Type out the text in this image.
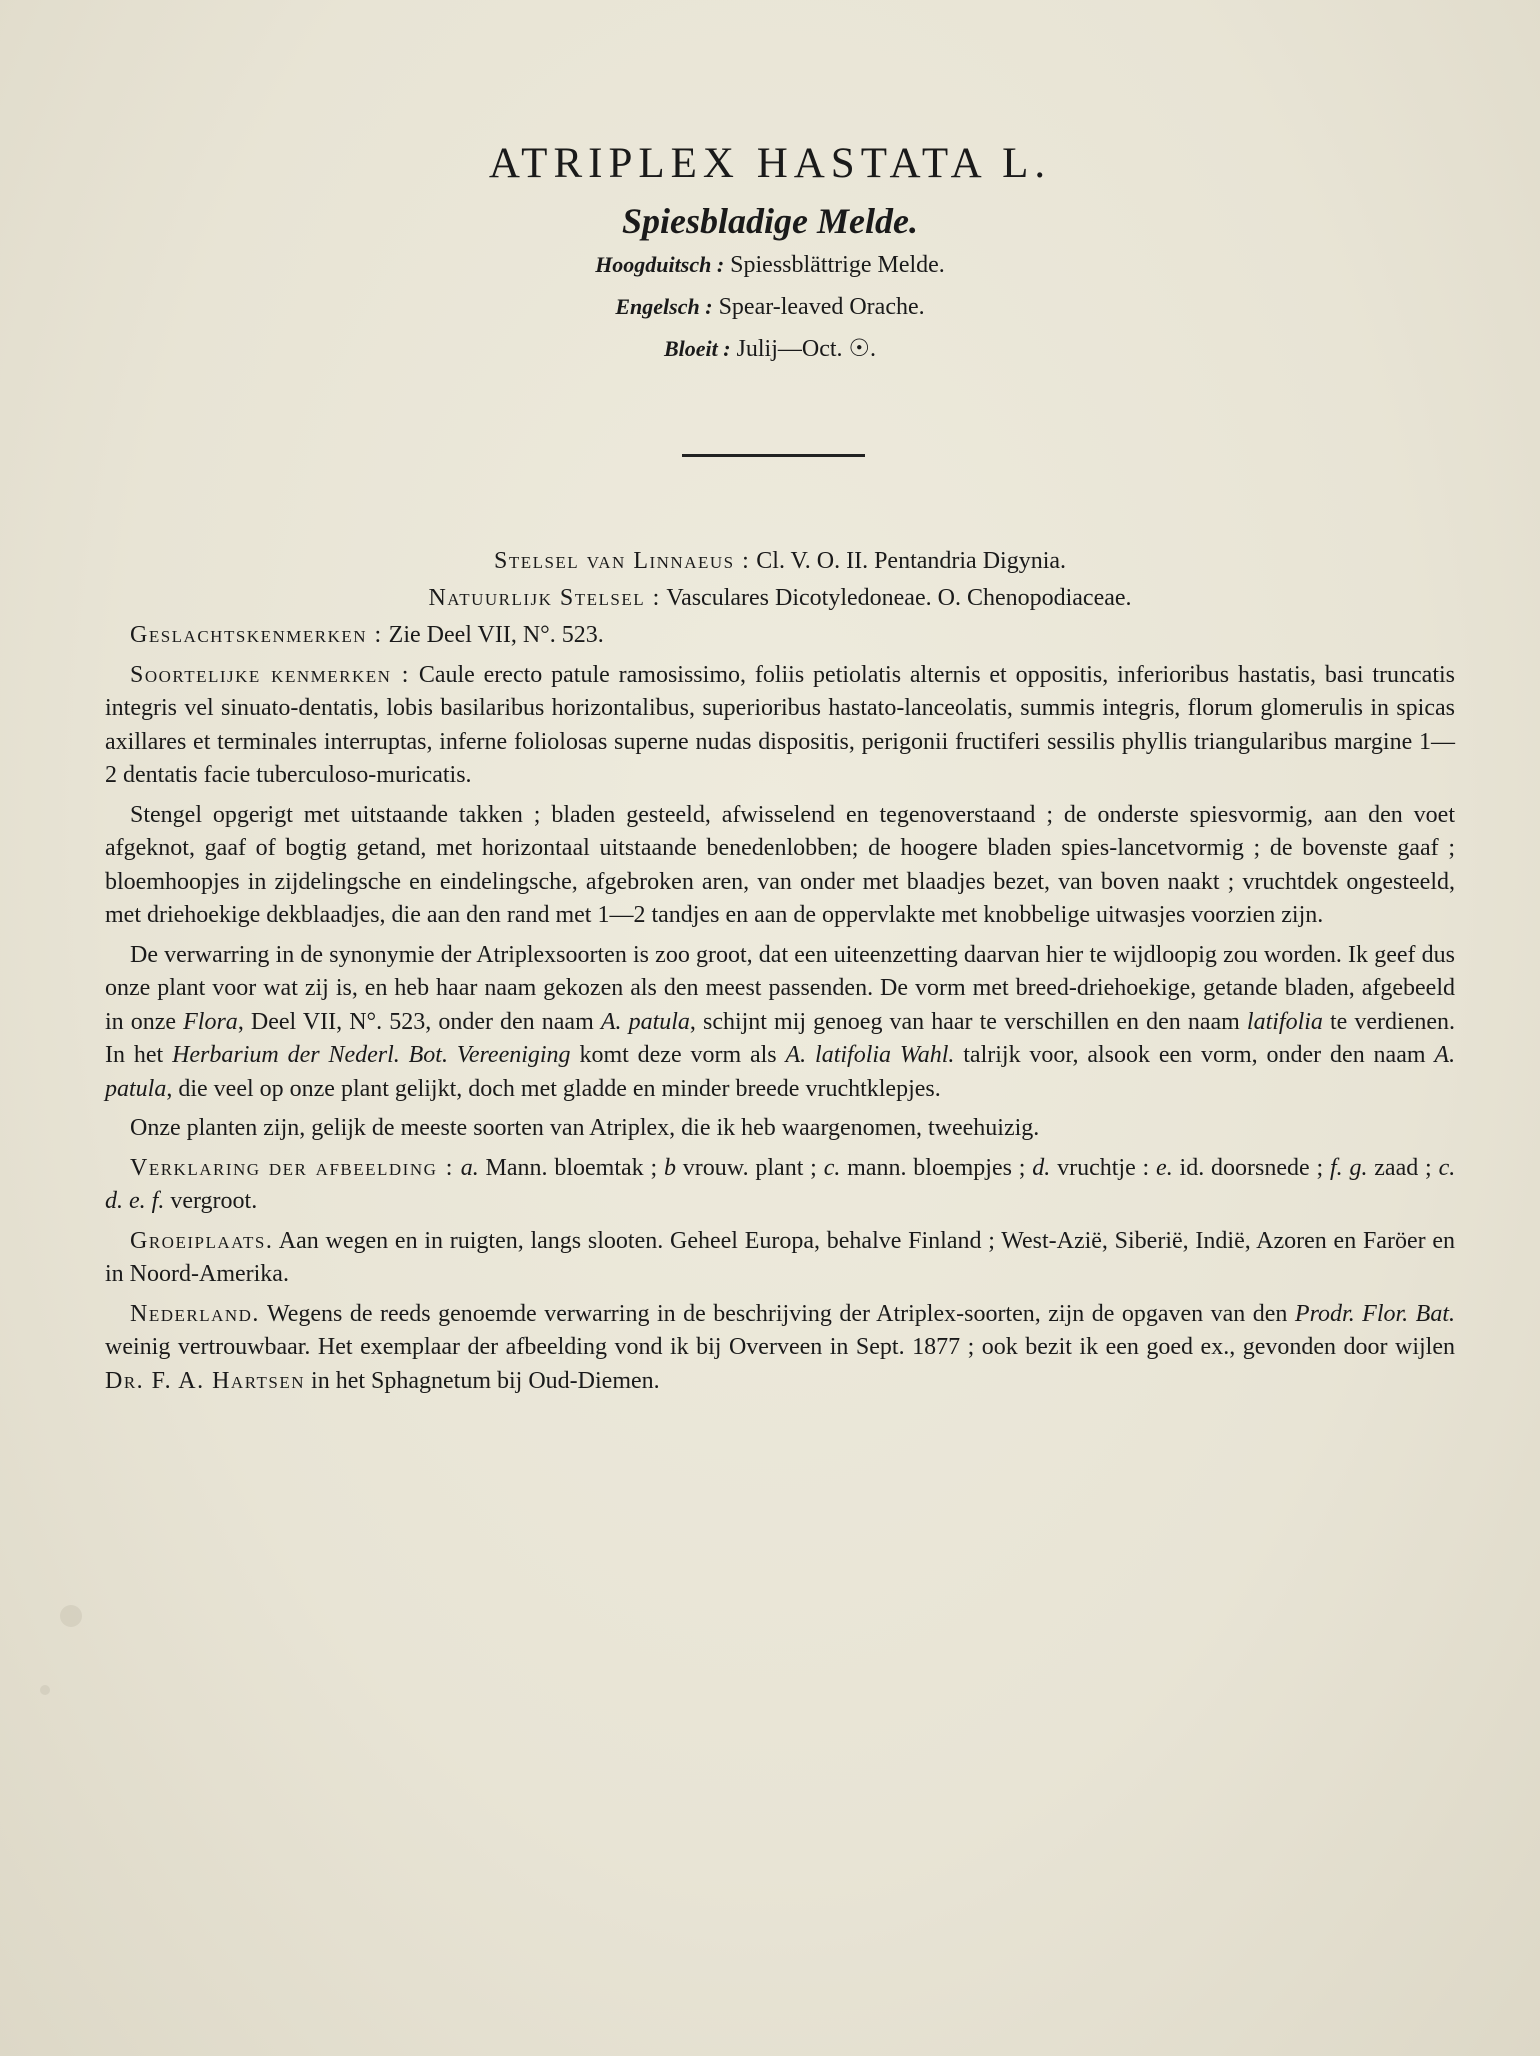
ATRIPLEX HASTATA L.

Spiesbladige Melde.

Hoogduitsch : Spiessblättrige Melde.

Engelsch : Spear-leaved Orache.

Bloeit : Julij—Oct. ☉.

Stelsel van Linnaeus : Cl. V. O. II. Pentandria Digynia.

Natuurlijk Stelsel : Vasculares Dicotyledoneae. O. Chenopodiaceae.

Geslachtskenmerken : Zie Deel VII, N°. 523.

Soortelijke kenmerken : Caule erecto patule ramosissimo, foliis petiolatis alternis et oppositis, inferioribus hastatis, basi truncatis integris vel sinuato-dentatis, lobis basilaribus horizontalibus, superioribus hastato-lanceolatis, summis integris, florum glomerulis in spicas axillares et terminales interruptas, inferne foliolosas superne nudas dispositis, perigonii fructiferi sessilis phyllis triangularibus margine 1—2 dentatis facie tuberculoso-muricatis.

Stengel opgerigt met uitstaande takken ; bladen gesteeld, afwisselend en tegenoverstaand ; de onderste spiesvormig, aan den voet afgeknot, gaaf of bogtig getand, met horizontaal uitstaande benedenlobben; de hoogere bladen spies-lancetvormig ; de bovenste gaaf ; bloemhoopjes in zijdelingsche en eindelingsche, afgebroken aren, van onder met blaadjes bezet, van boven naakt ; vruchtdek ongesteeld, met driehoekige dekblaadjes, die aan den rand met 1—2 tandjes en aan de oppervlakte met knobbelige uitwasjes voorzien zijn.

De verwarring in de synonymie der Atriplexsoorten is zoo groot, dat een uiteenzetting daarvan hier te wijdloopig zou worden. Ik geef dus onze plant voor wat zij is, en heb haar naam gekozen als den meest passenden. De vorm met breed-driehoekige, getande bladen, afgebeeld in onze Flora, Deel VII, N°. 523, onder den naam A. patula, schijnt mij genoeg van haar te verschillen en den naam latifolia te verdienen. In het Herbarium der Nederl. Bot. Vereeniging komt deze vorm als A. latifolia Wahl. talrijk voor, alsook een vorm, onder den naam A. patula, die veel op onze plant gelijkt, doch met gladde en minder breede vruchtklepjes.

Onze planten zijn, gelijk de meeste soorten van Atriplex, die ik heb waargenomen, tweehuizig.

Verklaring der afbeelding : a. Mann. bloemtak ; b vrouw. plant ; c. mann. bloempjes ; d. vruchtje : e. id. doorsnede ; f. g. zaad ; c. d. e. f. vergroot.

Groeiplaats. Aan wegen en in ruigten, langs slooten. Geheel Europa, behalve Finland ; West-Azië, Siberië, Indië, Azoren en Faröer en in Noord-Amerika.

Nederland. Wegens de reeds genoemde verwarring in de beschrijving der Atriplex-soorten, zijn de opgaven van den Prodr. Flor. Bat. weinig vertrouwbaar. Het exemplaar der afbeelding vond ik bij Overveen in Sept. 1877 ; ook bezit ik een goed ex., gevonden door wijlen Dr. F. A. Hartsen in het Sphagnetum bij Oud-Diemen.
